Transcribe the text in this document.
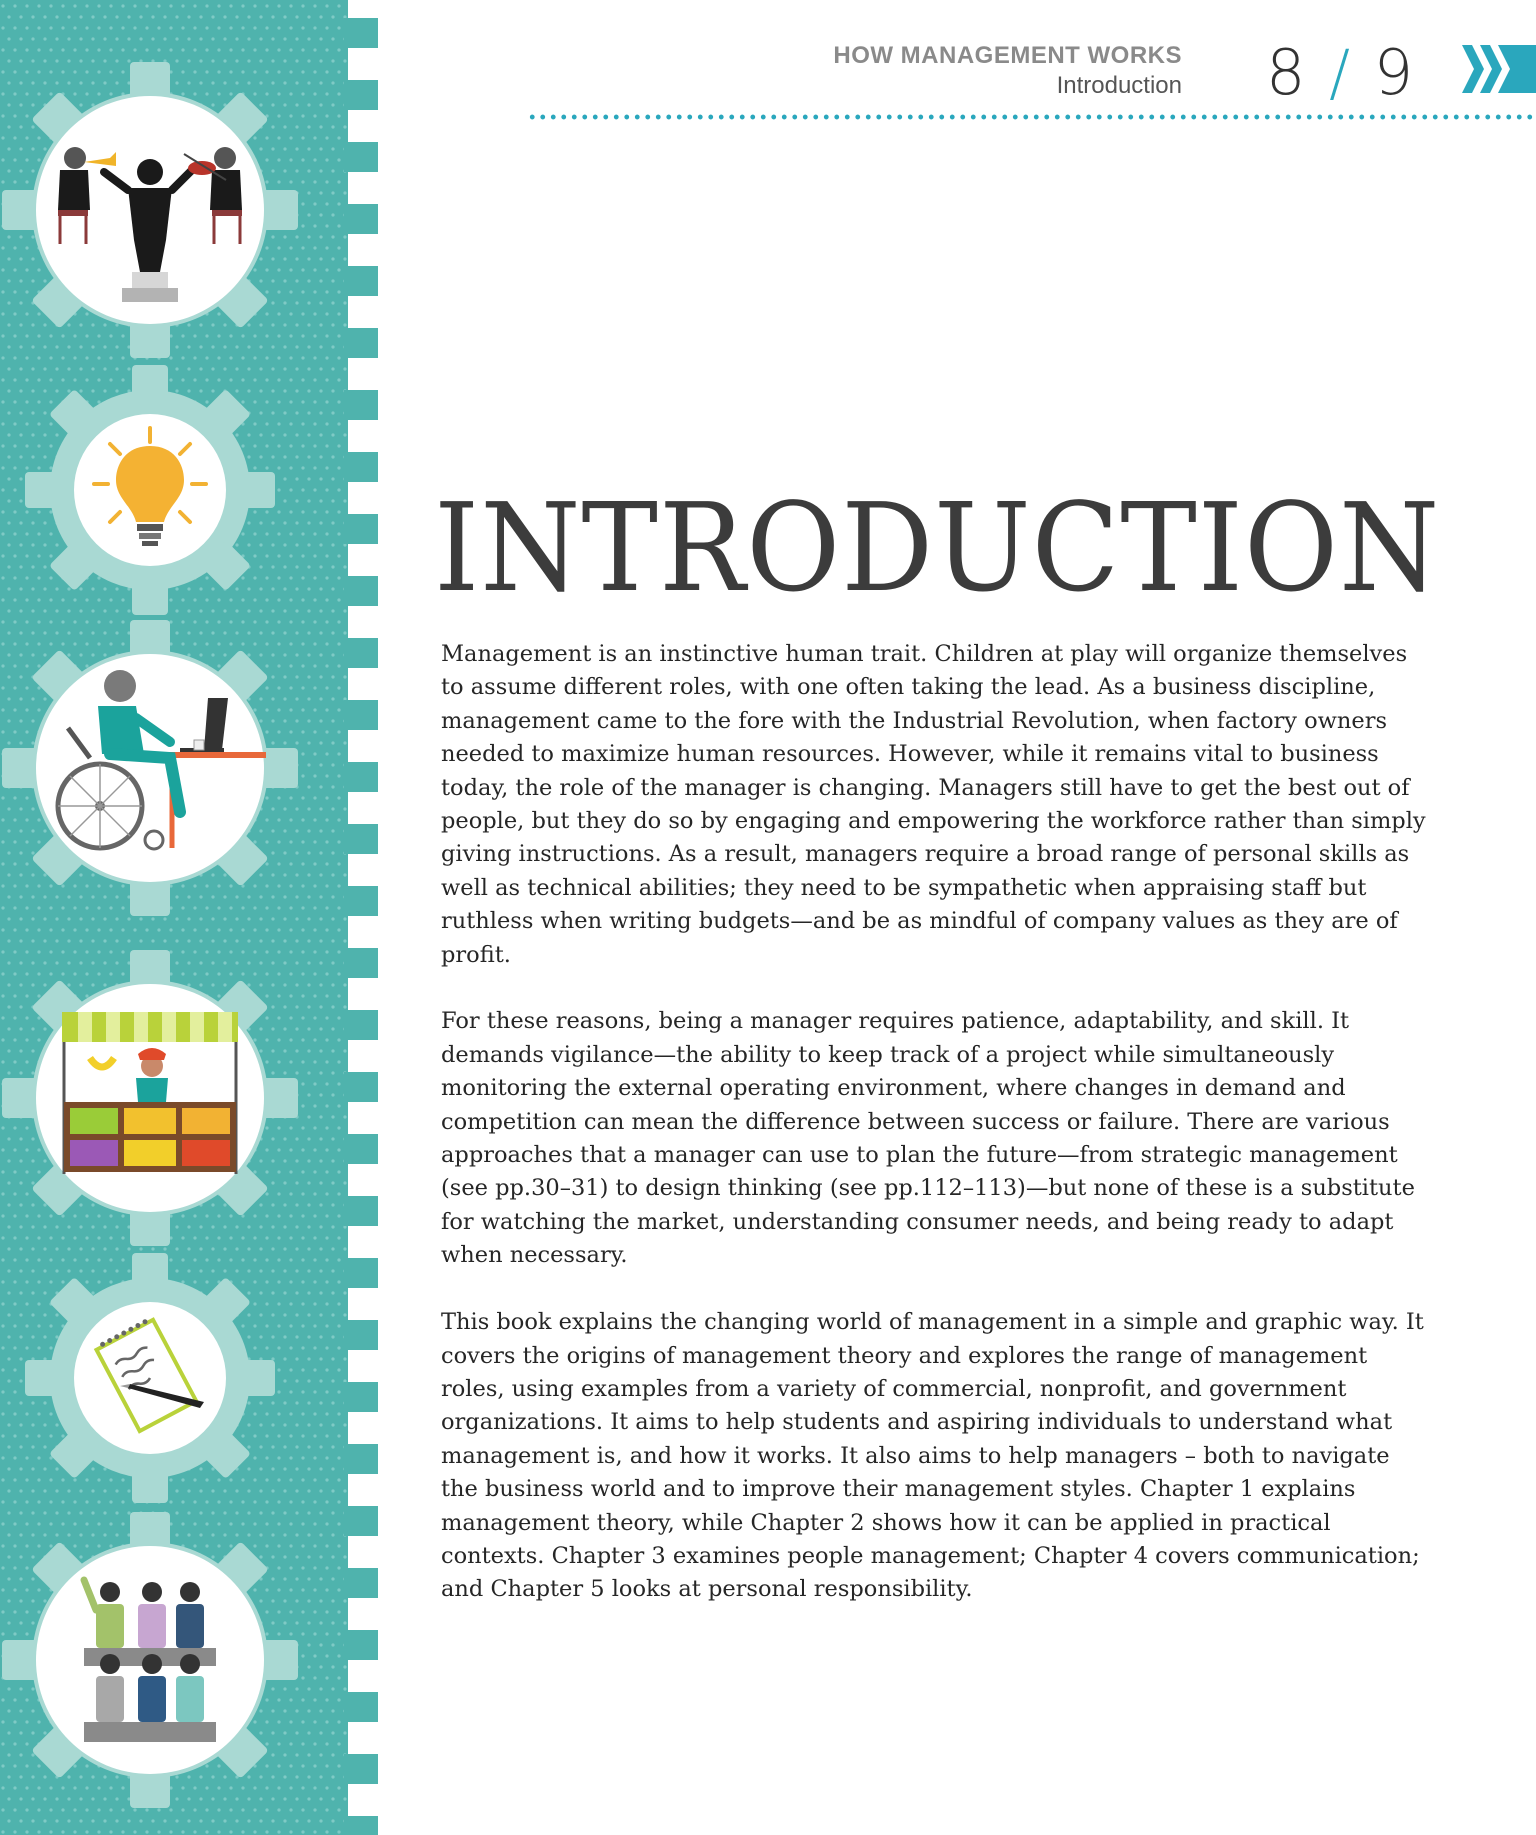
HOW MANAGEMENT WORKS
Introduction 8 / 9
INTRODUCTION

Management is an instinctive human trait. Children at play will organize themselves to assume different roles, with one often taking the lead. As a business discipline, management came to the fore with the Industrial Revolution, when factory owners needed to maximize human resources. However, while it remains vital to business today, the role of the manager is changing. Managers still have to get the best out of people, but they do so by engaging and empowering the workforce rather than simply giving instructions. As a result, managers require a broad range of personal skills as well as technical abilities; they need to be sympathetic when appraising staff but ruthless when writing budgets—and be as mindful of company values as they are of profit.

For these reasons, being a manager requires patience, adaptability, and skill. It demands vigilance—the ability to keep track of a project while simultaneously monitoring the external operating environment, where changes in demand and competition can mean the difference between success or failure. There are various approaches that a manager can use to plan the future—from strategic management (see pp.30–31) to design thinking (see pp.112–113)—but none of these is a substitute for watching the market, understanding consumer needs, and being ready to adapt when necessary.

This book explains the changing world of management in a simple and graphic way. It covers the origins of management theory and explores the range of management roles, using examples from a variety of commercial, nonprofit, and government organizations. It aims to help students and aspiring individuals to understand what management is, and how it works. It also aims to help managers – both to navigate the business world and to improve their management styles. Chapter 1 explains management theory, while Chapter 2 shows how it can be applied in practical contexts. Chapter 3 examines people management; Chapter 4 covers communication; and Chapter 5 looks at personal responsibility.
